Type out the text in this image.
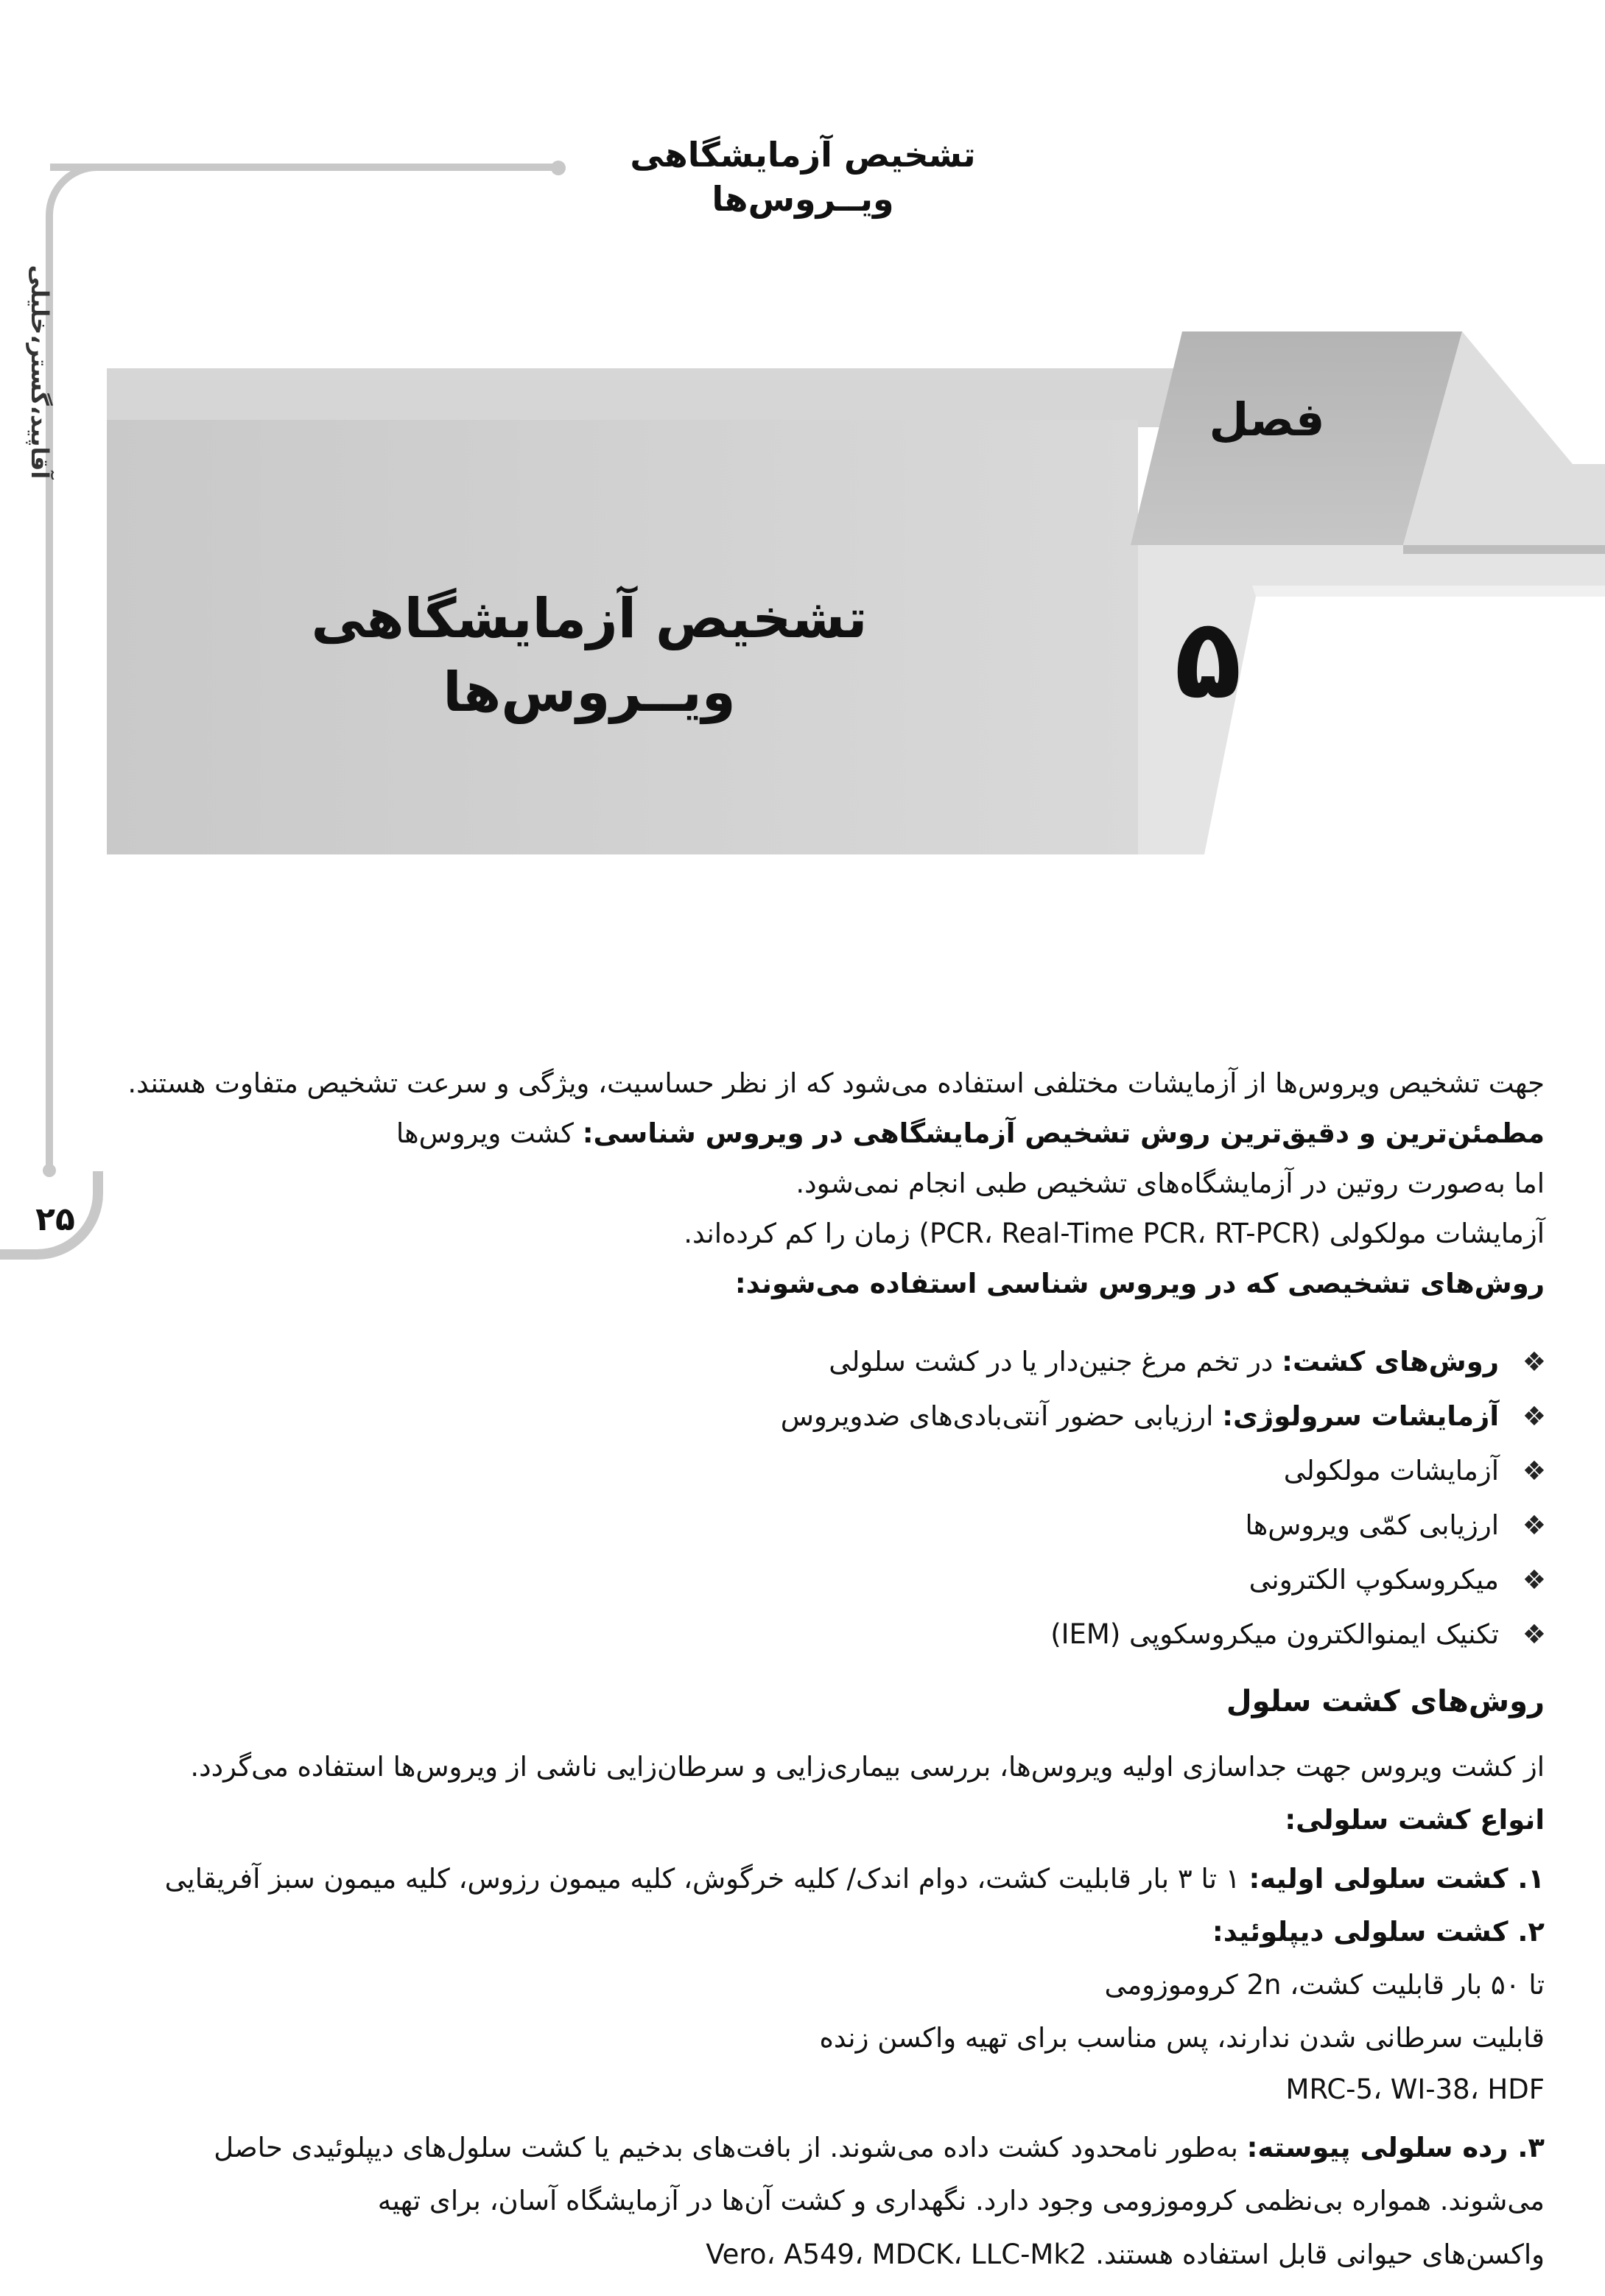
تشخیص آزمایشگاهی ویــروس‌ها
آقاپید،گستر،خلیلی
۲۵
فصل
۵
تشخیص آزمایشگاهی ویــروس‌ها
جهت تشخیص ویروس‌ها از آزمایشات مختلفی استفاده می‌شود که از نظر حساسیت، ویژگی و سرعت تشخیص متفاوت هستند.
مطمئن‌ترین و دقیق‌ترین روش تشخیص آزمایشگاهی در ویروس شناسی: کشت ویروس‌ها
اما به‌صورت روتین در آزمایشگاه‌های تشخیص طبی انجام نمی‌شود.
آزمایشات مولکولی (PCR، Real-Time PCR، RT-PCR) زمان را کم کرده‌اند.
روش‌های تشخیصی که در ویروس شناسی استفاده می‌شوند:
❖روش‌های کشت: در تخم مرغ جنین‌دار یا در کشت سلولی
❖آزمایشات سرولوژی: ارزیابی حضور آنتی‌بادی‌های ضدویروس
❖آزمایشات مولکولی
❖ارزیابی کمّی ویروس‌ها
❖میکروسکوپ الکترونی
❖تکنیک ایمنوالکترون میکروسکوپی (IEM)
روش‌های کشت سلول
از کشت ویروس جهت جداسازی اولیه ویروس‌ها، بررسی بیماری‌زایی و سرطان‌زایی ناشی از ویروس‌ها استفاده می‌گردد.
انواع کشت سلولی:
۱. کشت سلولی اولیه: ۱ تا ۳ بار قابلیت کشت، دوام اندک/ کلیه خرگوش، کلیه میمون رزوس، کلیه میمون سبز آفریقایی
۲. کشت سلولی دیپلوئید:
تا ۵۰ بار قابلیت کشت، 2n کروموزومی
قابلیت سرطانی شدن ندارند، پس مناسب برای تهیه واکسن زنده
MRC-5، WI-38، HDF
۳. رده سلولی پیوسته: به‌طور نامحدود کشت داده می‌شوند. از بافت‌های بدخیم یا کشت سلول‌های دیپلوئیدی حاصل
می‌شوند. همواره بی‌نظمی کروموزومی وجود دارد. نگهداری و کشت آن‌ها در آزمایشگاه آسان، برای تهیه
واکسن‌های حیوانی قابل استفاده هستند. Vero، A549، MDCK، LLC-Mk2
